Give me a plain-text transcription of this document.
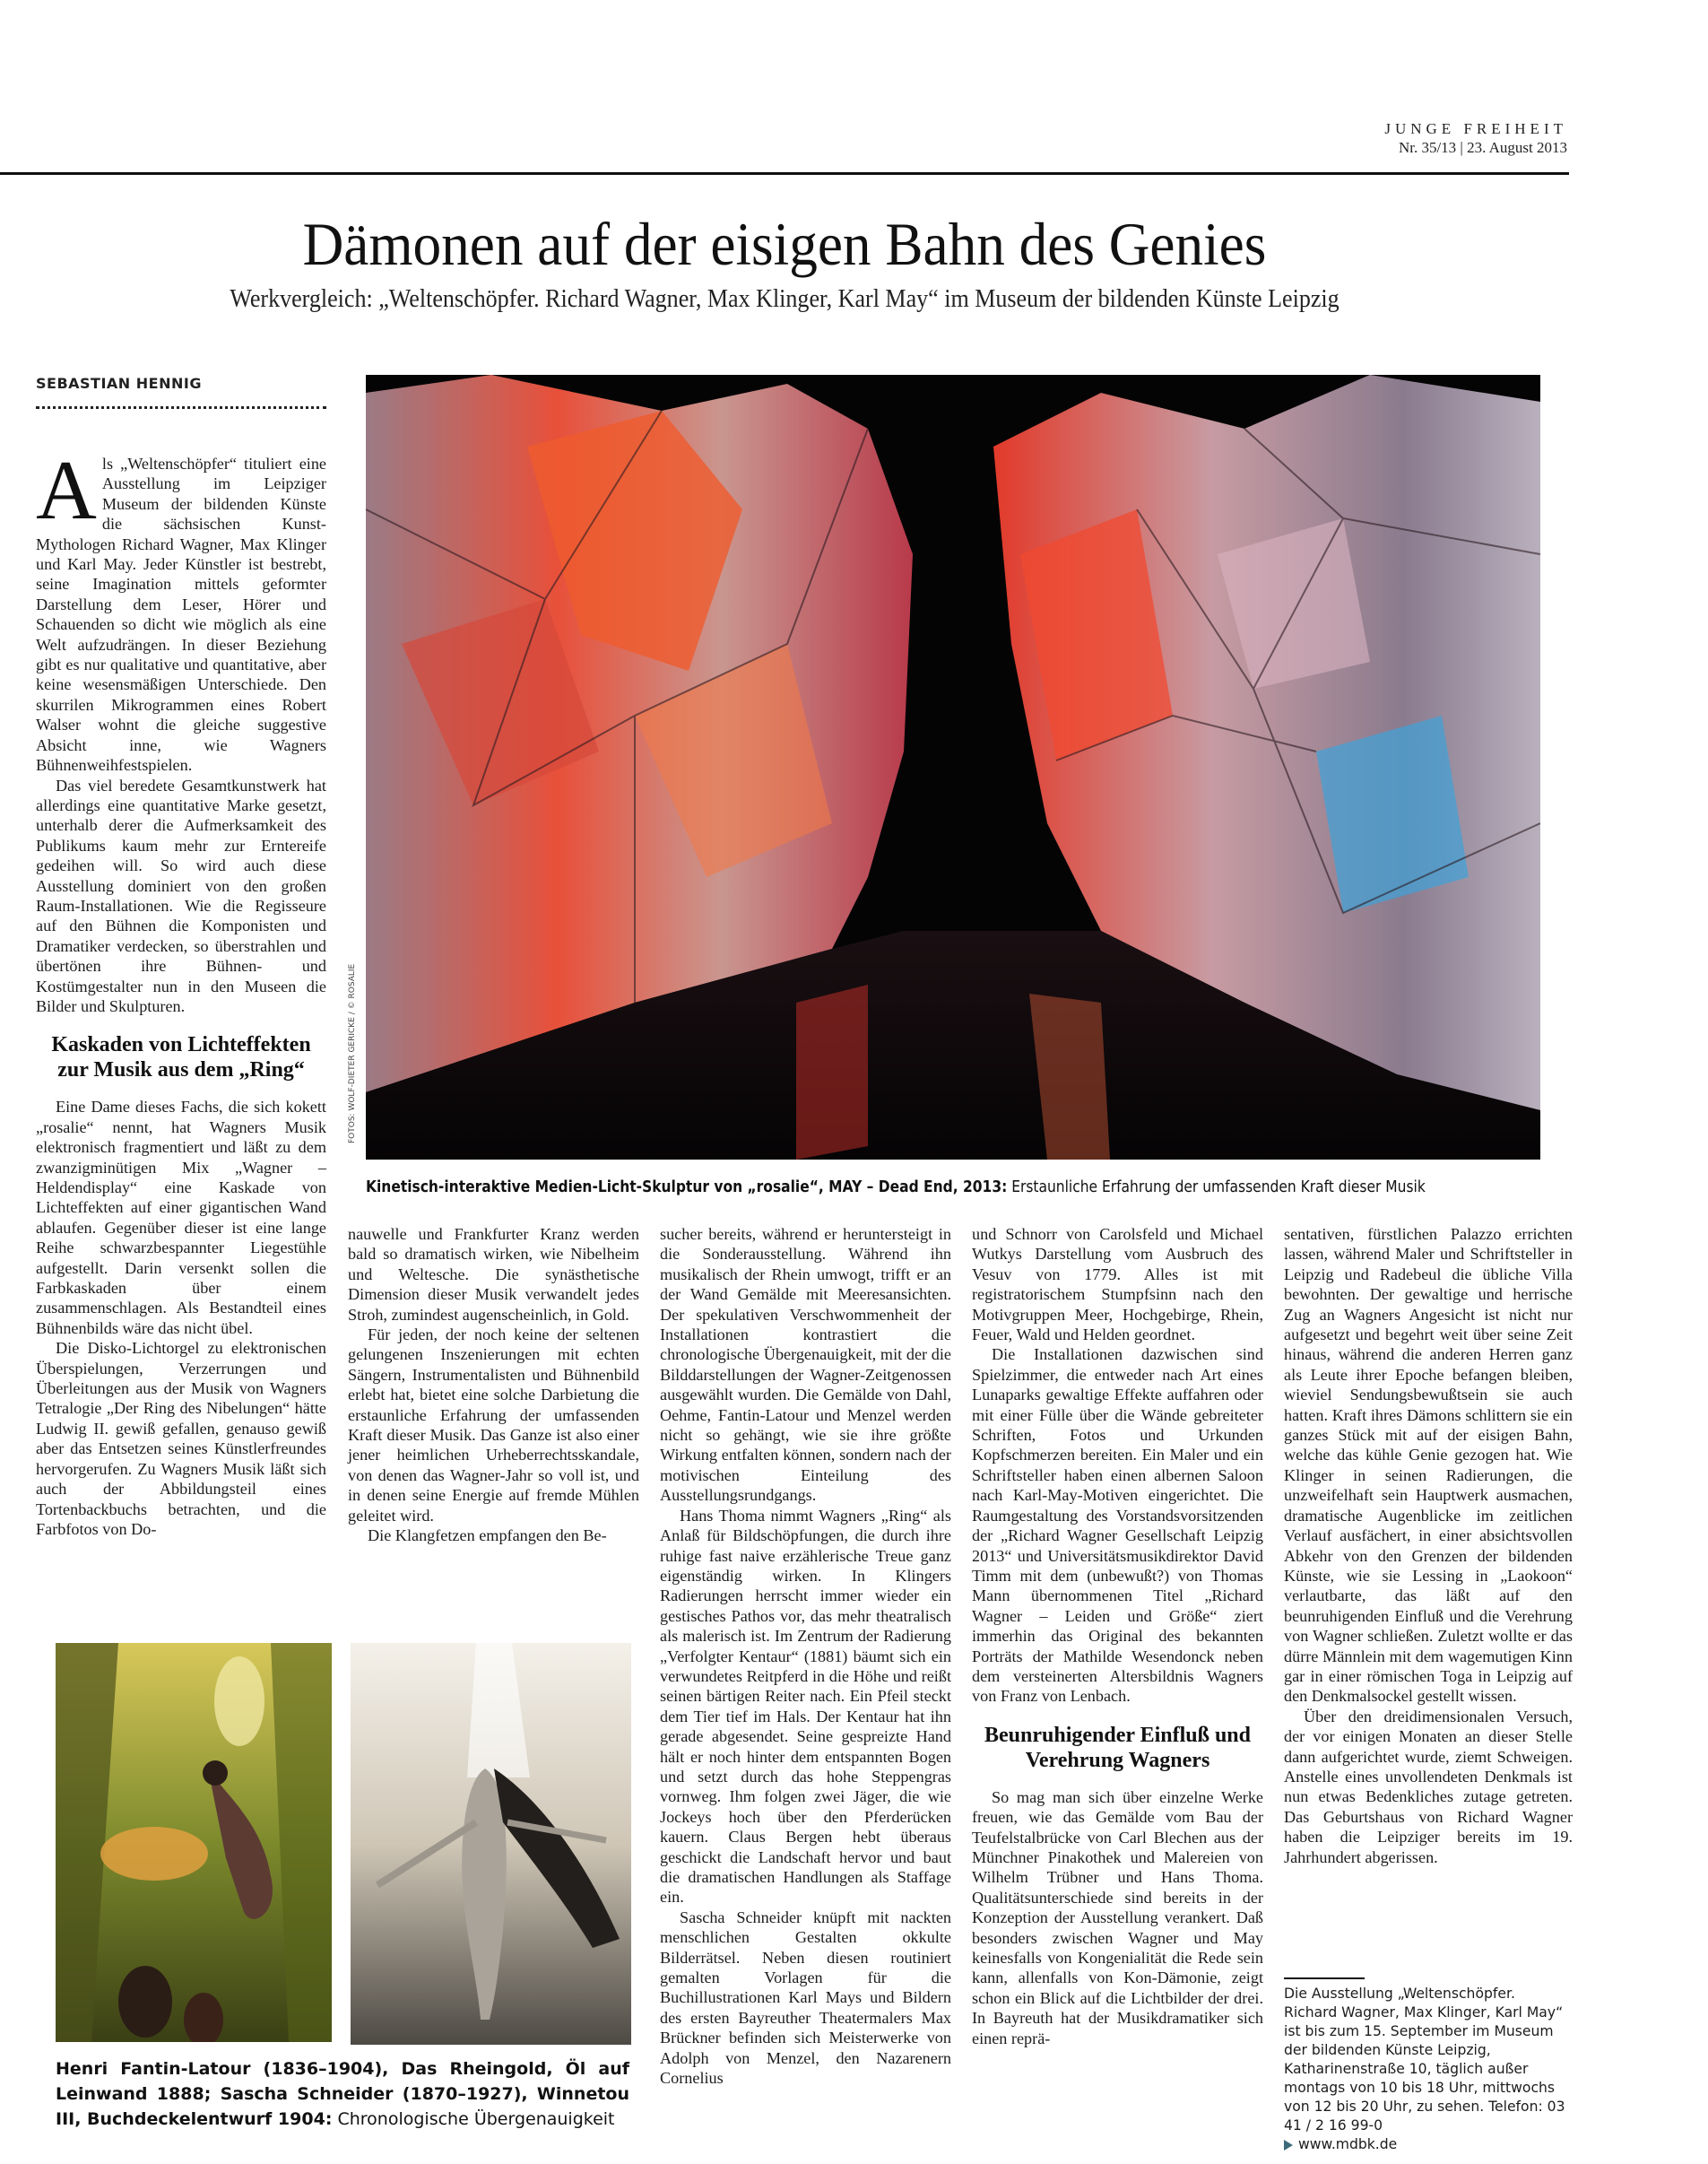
JUNGE FREIHEIT
Nr. 35/13 | 23. August 2013
Dämonen auf der eisigen Bahn des Genies
Werkvergleich: „Weltenschöpfer. Richard Wagner, Max Klinger, Karl May“ im Museum der bildenden Künste Leipzig
SEBASTIAN HENNIG

Als „Weltenschöpfer“ tituliert eine Ausstellung im Leipziger Museum der bildenden Künste die sächsischen Kunst-Mythologen Richard Wagner, Max Klinger und Karl May. Jeder Künstler ist bestrebt, seine Imagination mittels geformter Darstellung dem Leser, Hörer und Schauenden so dicht wie möglich als eine Welt aufzudrängen. In dieser Beziehung gibt es nur qualitative und quantitative, aber keine wesensmäßigen Unterschiede. Den skurrilen Mikrogrammen eines Robert Walser wohnt die gleiche suggestive Absicht inne, wie Wagners Bühnenweihfestspielen.

Das viel beredete Gesamtkunstwerk hat allerdings eine quantitative Marke gesetzt, unterhalb derer die Aufmerksamkeit des Publikums kaum mehr zur Erntereife gedeihen will. So wird auch diese Ausstellung dominiert von den großen Raum-Installationen. Wie die Regisseure auf den Bühnen die Komponisten und Dramatiker verdecken, so überstrahlen und übertönen ihre Bühnen- und Kostümgestalter nun in den Museen die Bilder und Skulpturen.

Kaskaden von Lichteffekten zur Musik aus dem „Ring“

Eine Dame dieses Fachs, die sich kokett „rosalie“ nennt, hat Wagners Musik elektronisch fragmentiert und läßt zu dem zwanzigminütigen Mix „Wagner – Heldendisplay“ eine Kaskade von Lichteffekten auf einer gigantischen Wand ablaufen. Gegenüber dieser ist eine lange Reihe schwarzbespannter Liegestühle aufgestellt. Darin versenkt sollen die Farbkaskaden über einem zusammenschlagen. Als Bestandteil eines Bühnenbilds wäre das nicht übel.

Die Disko-Lichtorgel zu elektronischen Überspielungen, Verzerrungen und Überleitungen aus der Musik von Wagners Tetralogie „Der Ring des Nibelungen“ hätte Ludwig II. gewiß gefallen, genauso gewiß aber das Entsetzen seines Künstlerfreundes hervorgerufen. Zu Wagners Musik läßt sich auch der Abbildungsteil eines Tortenbackbuchs betrachten, und die Farbfotos von Do-

FOTOS: WOLF-DIETER GERICKE / © ROSALIE
Kinetisch-interaktive Medien-Licht-Skulptur von „rosalie“, MAY – Dead End, 2013: Erstaunliche Erfahrung der umfassenden Kraft dieser Musik

nauwelle und Frankfurter Kranz werden bald so dramatisch wirken, wie Nibelheim und Weltesche. Die synästhetische Dimension dieser Musik verwandelt jedes Stroh, zumindest augenscheinlich, in Gold.

Für jeden, der noch keine der seltenen gelungenen Inszenierungen mit echten Sängern, Instrumentalisten und Bühnenbild erlebt hat, bietet eine solche Darbietung die erstaunliche Erfahrung der umfassenden Kraft dieser Musik. Das Ganze ist also einer jener heimlichen Urheberrechtsskandale, von denen das Wagner-Jahr so voll ist, und in denen seine Energie auf fremde Mühlen geleitet wird.

Die Klangfetzen empfangen den Be-

sucher bereits, während er heruntersteigt in die Sonderausstellung. Während ihn musikalisch der Rhein umwogt, trifft er an der Wand Gemälde mit Meeresansichten. Der spekulativen Verschwommenheit der Installationen kontrastiert die chronologische Übergenauigkeit, mit der die Bilddarstellungen der Wagner-Zeitgenossen ausgewählt wurden. Die Gemälde von Dahl, Oehme, Fantin-Latour und Menzel werden nicht so gehängt, wie sie ihre größte Wirkung entfalten können, sondern nach der motivischen Einteilung des Ausstellungsrundgangs.

Hans Thoma nimmt Wagners „Ring“ als Anlaß für Bildschöpfungen, die durch ihre ruhige fast naive erzählerische Treue ganz eigenständig wirken. In Klingers Radierungen herrscht immer wieder ein gestisches Pathos vor, das mehr theatralisch als malerisch ist. Im Zentrum der Radierung „Verfolgter Kentaur“ (1881) bäumt sich ein verwundetes Reitpferd in die Höhe und reißt seinen bärtigen Reiter nach. Ein Pfeil steckt dem Tier tief im Hals. Der Kentaur hat ihn gerade abgesendet. Seine gespreizte Hand hält er noch hinter dem entspannten Bogen und setzt durch das hohe Steppengras vornweg. Ihm folgen zwei Jäger, die wie Jockeys hoch über den Pferderücken kauern. Claus Bergen hebt überaus geschickt die Landschaft hervor und baut die dramatischen Handlungen als Staffage ein.

Sascha Schneider knüpft mit nackten menschlichen Gestalten okkulte Bilderrätsel. Neben diesen routiniert gemalten Vorlagen für die Buchillustrationen Karl Mays und Bildern des ersten Bayreuther Theatermalers Max Brückner befinden sich Meisterwerke von Adolph von Menzel, den Nazarenern Cornelius

und Schnorr von Carolsfeld und Michael Wutkys Darstellung vom Ausbruch des Vesuv von 1779. Alles ist mit registratorischem Stumpfsinn nach den Motivgruppen Meer, Hochgebirge, Rhein, Feuer, Wald und Helden geordnet.

Die Installationen dazwischen sind Spielzimmer, die entweder nach Art eines Lunaparks gewaltige Effekte auffahren oder mit einer Fülle über die Wände gebreiteter Schriften, Fotos und Urkunden Kopfschmerzen bereiten. Ein Maler und ein Schriftsteller haben einen albernen Saloon nach Karl-May-Motiven eingerichtet. Die Raumgestaltung des Vorstandsvorsitzenden der „Richard Wagner Gesellschaft Leipzig 2013“ und Universitätsmusikdirektor David Timm mit dem (unbewußt?) von Thomas Mann übernommenen Titel „Richard Wagner – Leiden und Größe“ ziert immerhin das Original des bekannten Porträts der Mathilde Wesendonck neben dem versteinerten Altersbildnis Wagners von Franz von Lenbach.

Beunruhigender Einfluß und Verehrung Wagners

So mag man sich über einzelne Werke freuen, wie das Gemälde vom Bau der Teufelstalbrücke von Carl Blechen aus der Münchner Pinakothek und Malereien von Wilhelm Trübner und Hans Thoma. Qualitätsunterschiede sind bereits in der Konzeption der Ausstellung verankert. Daß besonders zwischen Wagner und May keinesfalls von Kongenialität die Rede sein kann, allenfalls von Kon-Dämonie, zeigt schon ein Blick auf die Lichtbilder der drei. In Bayreuth hat der Musikdramatiker sich einen reprä-

sentativen, fürstlichen Palazzo errichten lassen, während Maler und Schriftsteller in Leipzig und Radebeul die übliche Villa bewohnten. Der gewaltige und herrische Zug an Wagners Angesicht ist nicht nur aufgesetzt und begehrt weit über seine Zeit hinaus, während die anderen Herren ganz als Leute ihrer Epoche befangen bleiben, wieviel Sendungsbewußtsein sie auch hatten. Kraft ihres Dämons schlittern sie ein ganzes Stück mit auf der eisigen Bahn, welche das kühle Genie gezogen hat. Wie Klinger in seinen Radierungen, die unzweifelhaft sein Hauptwerk ausmachen, dramatische Augenblicke im zeitlichen Verlauf ausfächert, in einer absichtsvollen Abkehr von den Grenzen der bildenden Künste, wie sie Lessing in „Laokoon“ verlautbarte, das läßt auf den beunruhigenden Einfluß und die Verehrung von Wagner schließen. Zuletzt wollte er das dürre Männlein mit dem wagemutigen Kinn gar in einer römischen Toga in Leipzig auf den Denkmalsockel gestellt wissen.

Über den dreidimensionalen Versuch, der vor einigen Monaten an dieser Stelle dann aufgerichtet wurde, ziemt Schweigen. Anstelle eines unvollendeten Denkmals ist nun etwas Bedenkliches zutage getreten. Das Geburtshaus von Richard Wagner haben die Leipziger bereits im 19. Jahrhundert abgerissen.

Henri Fantin-Latour (1836–1904), Das Rheingold, Öl auf Leinwand 1888; Sascha Schneider (1870–1927), Winnetou III, Buchdeckelentwurf 1904: Chronologische Übergenauigkeit
Die Ausstellung „Weltenschöpfer. Richard Wagner, Max Klinger, Karl May“ ist bis zum 15. September im Museum der bildenden Künste Leipzig, Katharinenstraße 10, täglich außer montags von 10 bis 18 Uhr, mittwochs von 12 bis 20 Uhr, zu sehen. Telefon: 03 41 / 2 16 99-0
www.mdbk.de
